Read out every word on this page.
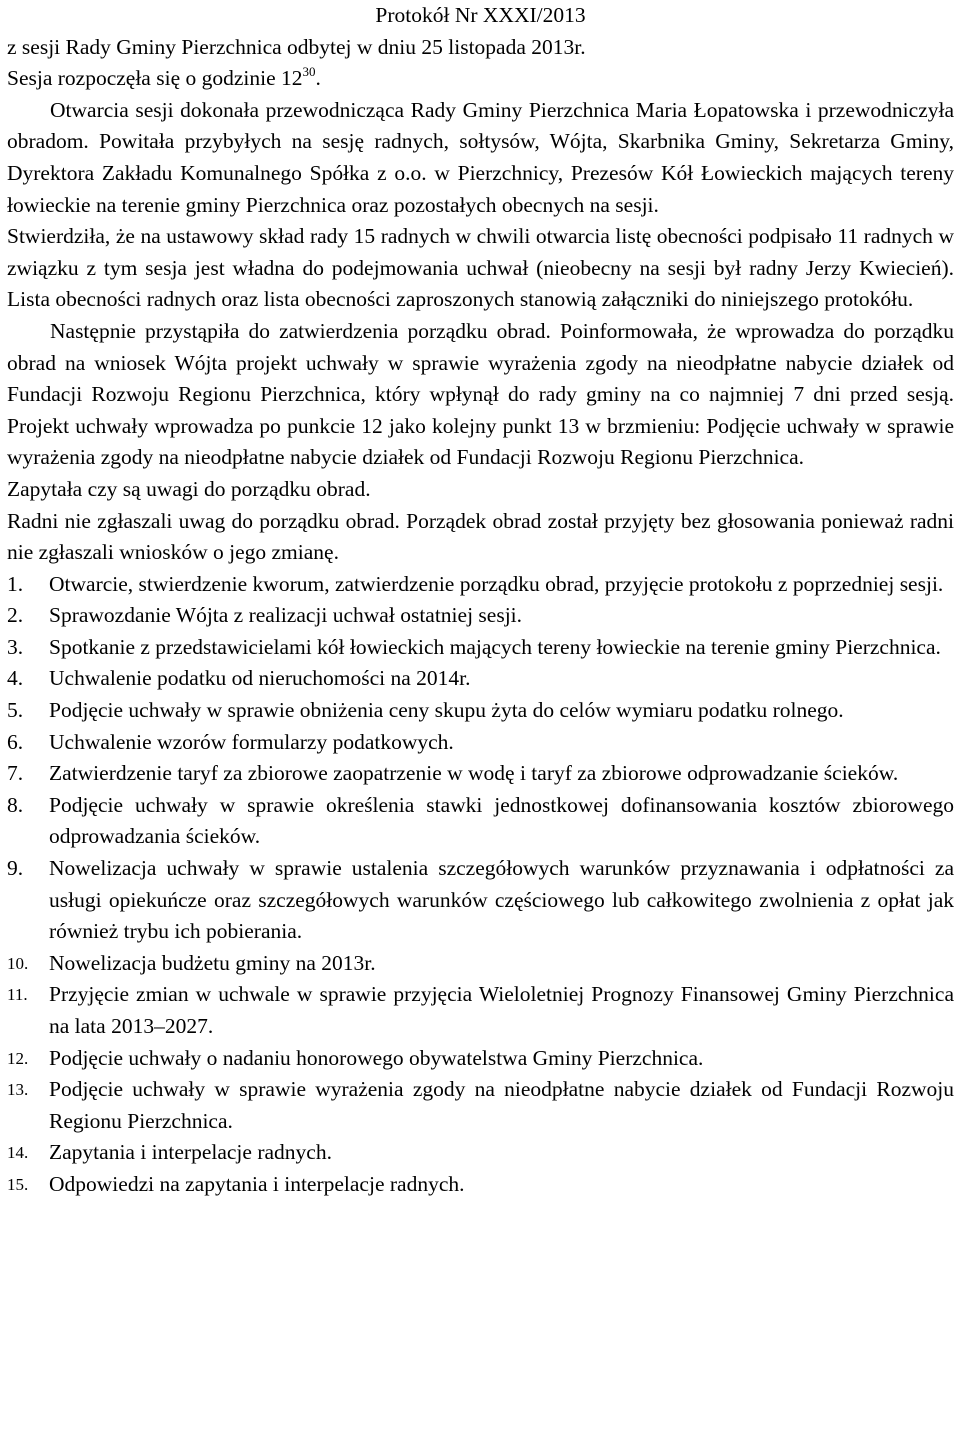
Protokół Nr XXXI/2013

z sesji Rady Gminy Pierzchnica odbytej w dniu 25 listopada 2013r.

Sesja rozpoczęła się o godzinie $12^{30}$.

Otwarcia sesji dokonała przewodnicząca Rady Gminy Pierzchnica Maria Łopatowska i przewodniczyła obradom. Powitała przybyłych na sesję radnych, sołtysów, Wójta, Skarbnika Gminy, Sekretarza Gminy, Dyrektora Zakładu Komunalnego Spółka z o.o. w Pierzchnicy, Prezesów Kół Łowieckich mających tereny łowieckie na terenie gminy Pierzchnica oraz pozostałych obecnych na sesji.

Stwierdziła, że na ustawowy skład rady 15 radnych w chwili otwarcia listę obecności podpisało 11 radnych w związku z tym sesja jest władna do podejmowania uchwał (nieobecny na sesji był radny Jerzy Kwiecień). Lista obecności radnych oraz lista obecności zaproszonych stanowią załączniki do niniejszego protokółu.

Następnie przystąpiła do zatwierdzenia porządku obrad. Poinformowała, że wprowadza do porządku obrad na wniosek Wójta projekt uchwały w sprawie wyrażenia zgody na nieodpłatne nabycie działek od Fundacji Rozwoju Regionu Pierzchnica, który wpłynął do rady gminy na co najmniej 7 dni przed sesją. Projekt uchwały wprowadza po punkcie 12 jako kolejny punkt 13 w brzmieniu: Podjęcie uchwały w sprawie wyrażenia zgody na nieodpłatne nabycie działek od Fundacji Rozwoju Regionu Pierzchnica.

Zapytała czy są uwagi do porządku obrad.

Radni nie zgłaszali uwag do porządku obrad. Porządek obrad został przyjęty bez głosowania ponieważ radni nie zgłaszali wniosków o jego zmianę.

1.	Otwarcie, stwierdzenie kworum, zatwierdzenie porządku obrad, przyjęcie protokołu z poprzedniej sesji.
2.	Sprawozdanie Wójta z realizacji uchwał ostatniej sesji.
3.	Spotkanie z przedstawicielami kół łowieckich mających tereny łowieckie na terenie gminy Pierzchnica.
4.	Uchwalenie podatku od nieruchomości na 2014r.
5.	Podjęcie uchwały w sprawie obniżenia ceny skupu żyta do celów wymiaru podatku rolnego.
6.	Uchwalenie wzorów formularzy podatkowych.
7.	Zatwierdzenie taryf za zbiorowe zaopatrzenie w wodę i taryf za zbiorowe odprowadzanie ścieków.
8.	Podjęcie uchwały w sprawie określenia stawki jednostkowej dofinansowania kosztów zbiorowego odprowadzania ścieków.
9.	Nowelizacja uchwały w sprawie ustalenia szczegółowych warunków przyznawania i odpłatności za usługi opiekuńcze oraz szczegółowych warunków częściowego lub całkowitego zwolnienia z opłat jak również trybu ich pobierania.
10. Nowelizacja budżetu gminy na 2013r.
11. Przyjęcie zmian w uchwale w sprawie przyjęcia Wieloletniej Prognozy Finansowej Gminy Pierzchnica na lata 2013–2027.
12. Podjęcie uchwały o nadaniu honorowego obywatelstwa Gminy Pierzchnica.
13. Podjęcie uchwały w sprawie wyrażenia zgody na nieodpłatne nabycie działek od Fundacji Rozwoju Regionu Pierzchnica.
14. Zapytania i interpelacje radnych.
15. Odpowiedzi na zapytania i interpelacje radnych.
